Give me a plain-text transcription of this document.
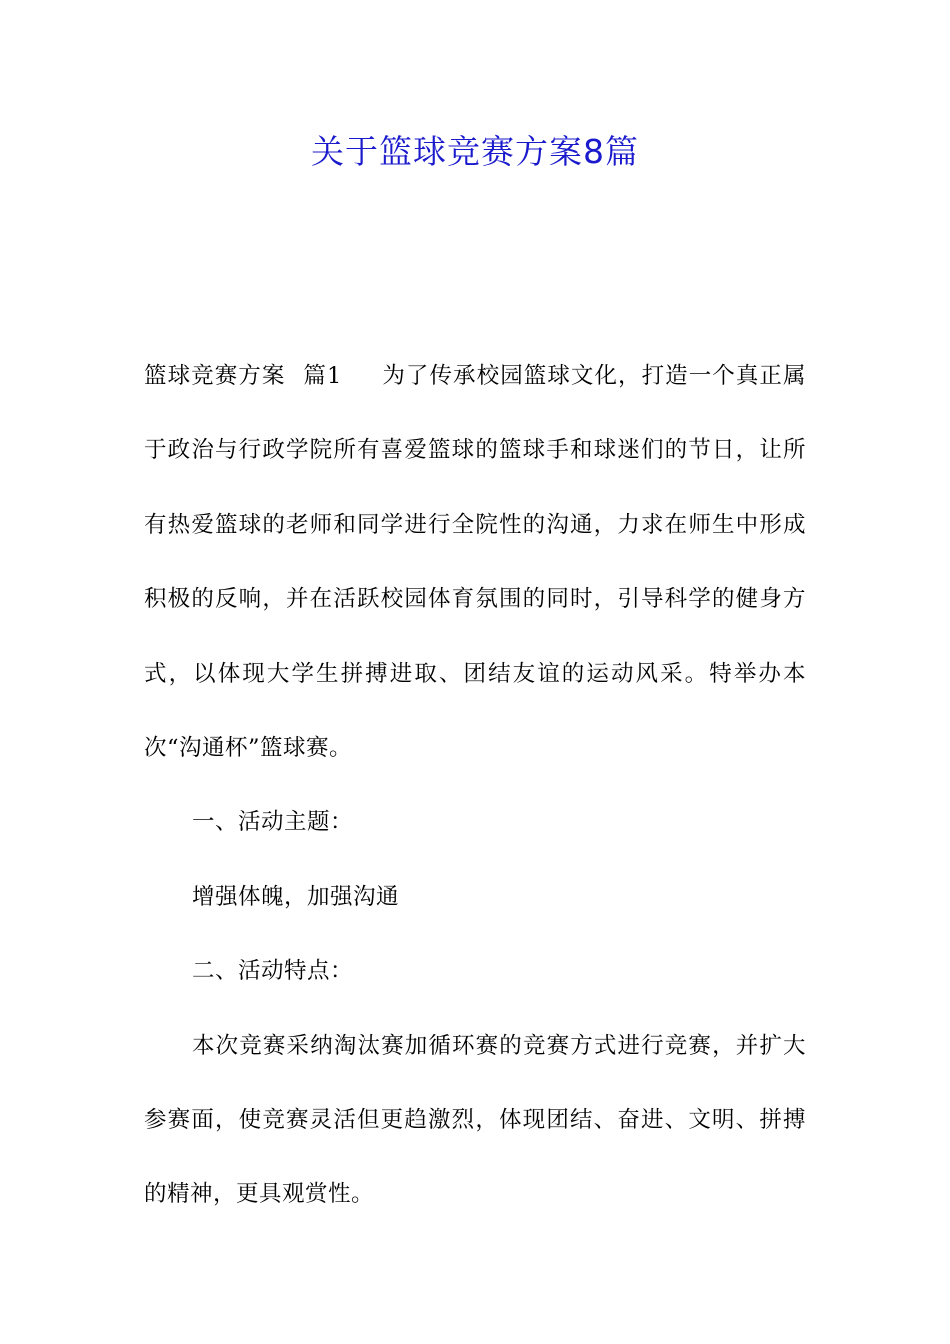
关于篮球竞赛方案8篇

篮球竞赛方案 篇1 为了传承校园篮球文化，打造一个真正属于政治与行政学院所有喜爱篮球的篮球手和球迷们的节日，让所有热爱篮球的老师和同学进行全院性的沟通，力求在师生中形成积极的反响，并在活跃校园体育氛围的同时，引导科学的健身方式，以体现大学生拼搏进取、团结友谊的运动风采。特举办本次“沟通杯”篮球赛。

一、活动主题：

增强体魄，加强沟通

二、活动特点：

本次竞赛采纳淘汰赛加循环赛的竞赛方式进行竞赛，并扩大参赛面，使竞赛灵活但更趋激烈，体现团结、奋进、文明、拼搏的精神，更具观赏性。
